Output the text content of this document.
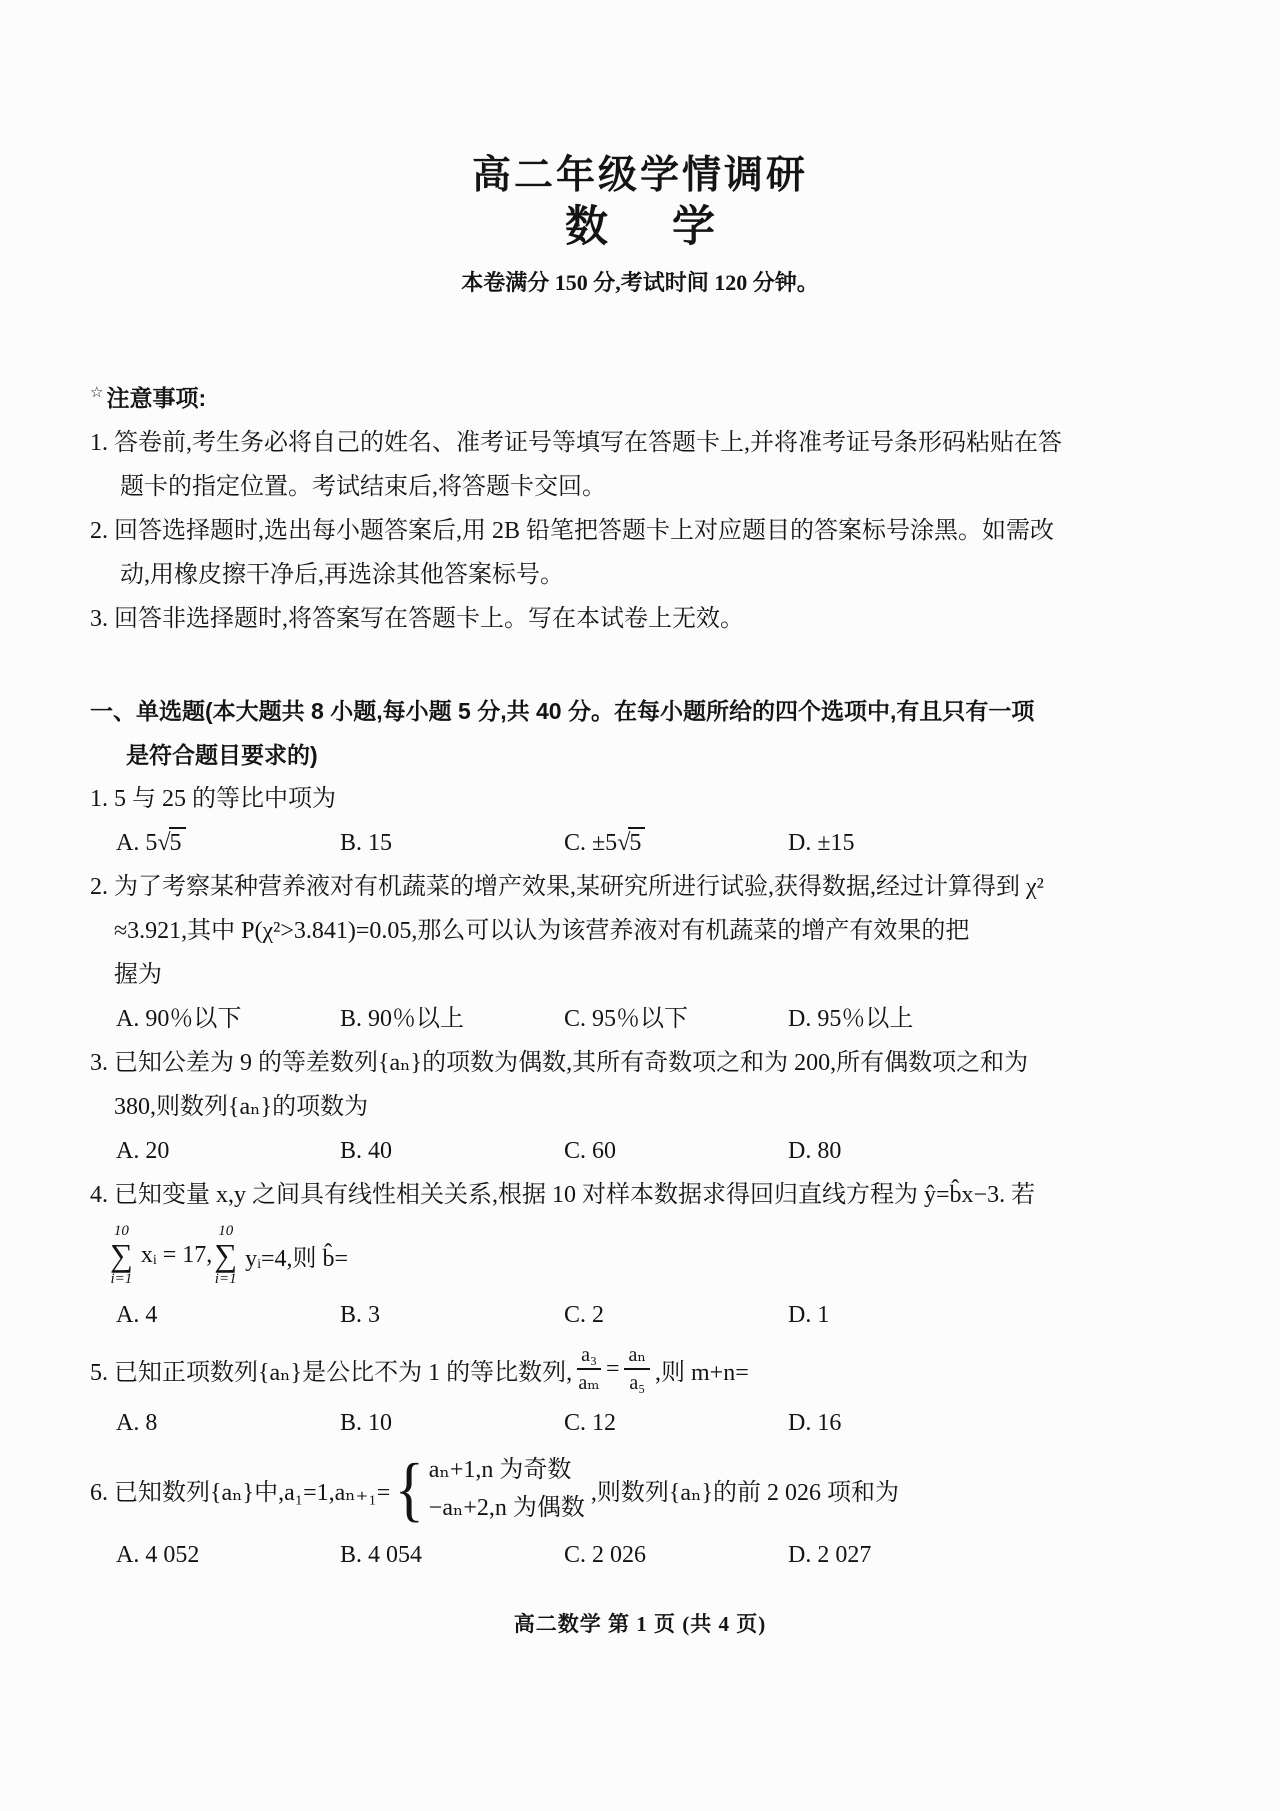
高二年级学情调研
数学
本卷满分 150 分,考试时间 120 分钟。
☆ 注意事项:
1. 答卷前,考生务必将自己的姓名、准考证号等填写在答题卡上,并将准考证号条形码粘贴在答
题卡的指定位置。考试结束后,将答题卡交回。
2. 回答选择题时,选出每小题答案后,用 2B 铅笔把答题卡上对应题目的答案标号涂黑。如需改
动,用橡皮擦干净后,再选涂其他答案标号。
3. 回答非选择题时,将答案写在答题卡上。写在本试卷上无效。
一、单选题(本大题共 8 小题,每小题 5 分,共 40 分。在每小题所给的四个选项中,有且只有一项
是符合题目要求的)
1. 5 与 25 的等比中项为
A. 5√5	B. 15	C. ±5√5	D. ±15
2. 为了考察某种营养液对有机蔬菜的增产效果,某研究所进行试验,获得数据,经过计算得到 χ²
≈3.921,其中 P(χ²>3.841)=0.05,那么可以认为该营养液对有机蔬菜的增产有效果的把
握为
A. 90％以下	B. 90％以上	C. 95％以下	D. 95％以上
3. 已知公差为 9 的等差数列{aₙ}的项数为偶数,其所有奇数项之和为 200,所有偶数项之和为
380,则数列{aₙ}的项数为
A. 20	B. 40	C. 60	D. 80
4. 已知变量 x,y 之间具有线性相关关系,根据 10 对样本数据求得回归直线方程为 ŷ=b̂x−3. 若
10
∑
i=1
xᵢ = 17,
10
∑
i=1
yᵢ=4,则 b̂=
A. 4	B. 3	C. 2	D. 1
5. 已知正项数列{aₙ}是公比不为 1 的等比数列, $\frac{\text{a₃}}{\text{aₘ}} = \frac{\text{aₙ}}{\text{a₅}}$ ,则 m+n=
A. 8	B. 10	C. 12	D. 16
6. 已知数列{aₙ}中,a₁=1,aₙ₊₁= { aₙ+1,n 为奇数
−aₙ+2,n 为偶数
,则数列{aₙ}的前 2 026 项和为
A. 4 052	B. 4 054	C. 2 026	D. 2 027
高二数学 第 1 页 (共 4 页)
